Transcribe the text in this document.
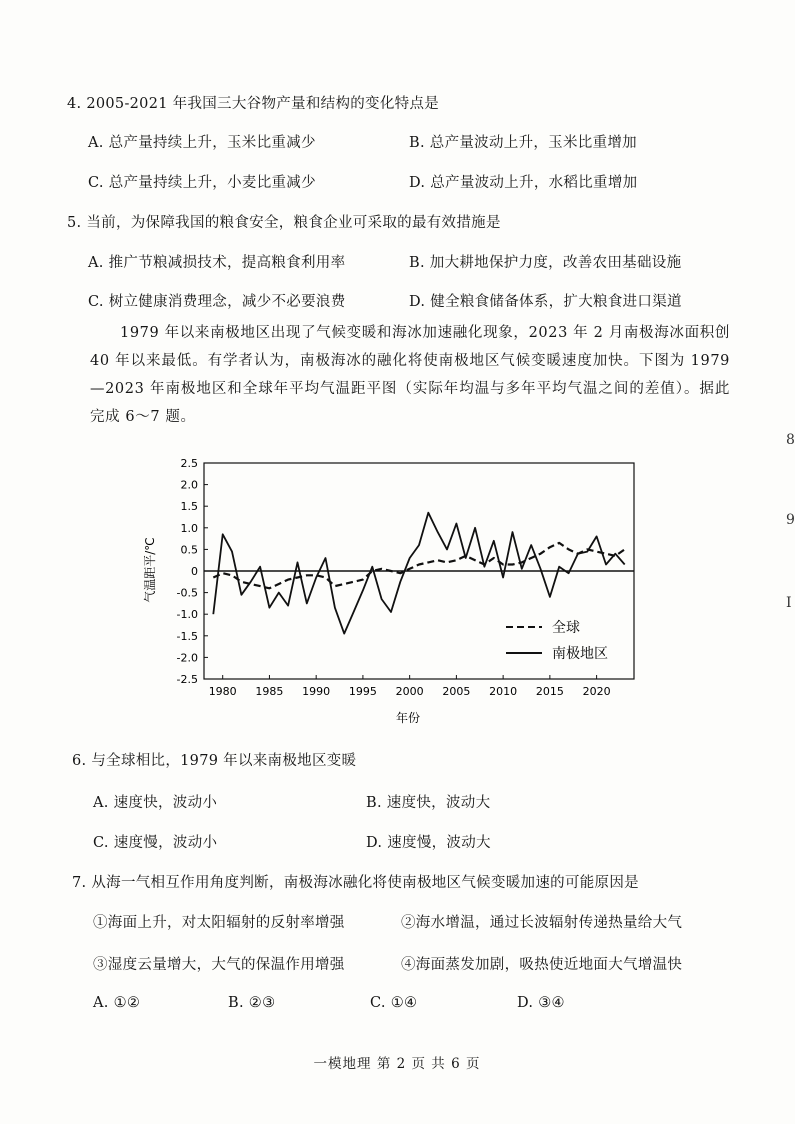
4. 2005-2021 年我国三大谷物产量和结构的变化特点是
A. 总产量持续上升，玉米比重减少	B. 总产量波动上升，玉米比重增加
C. 总产量持续上升，小麦比重减少	D. 总产量波动上升，水稻比重增加
5. 当前，为保障我国的粮食安全，粮食企业可采取的最有效措施是
A. 推广节粮减损技术，提高粮食利用率	B. 加大耕地保护力度，改善农田基础设施
C. 树立健康消费理念，减少不必要浪费	D. 健全粮食储备体系，扩大粮食进口渠道
1979 年以来南极地区出现了气候变暖和海冰加速融化现象，2023 年 2 月南极海冰面积创 40 年以来最低。有学者认为，南极海冰的融化将使南极地区气候变暖速度加快。下图为 1979—2023 年南极地区和全球年平均气温距平图（实际年均温与多年平均气温之间的差值）。据此完成 6～7 题。
8
9
I
气温距平/℃
年份
2.5
2.0
1.5
1.0
0.5
0
-0.5
-1.0
-1.5
-2.0
-2.5
1980 1985 1990 1995 2000 2005 2010 2015 2020
全球
南极地区
6. 与全球相比，1979 年以来南极地区变暖
A. 速度快，波动小	B. 速度快，波动大
C. 速度慢，波动小	D. 速度慢，波动大
7. 从海一气相互作用角度判断，南极海冰融化将使南极地区气候变暖加速的可能原因是
①海面上升，对太阳辐射的反射率增强	②海水增温，通过长波辐射传递热量给大气
③湿度云量增大，大气的保温作用增强	④海面蒸发加剧，吸热使近地面大气增温快
A. ①②	B. ②③	C. ①④	D. ③④
一模地理 第 2 页 共 6 页
